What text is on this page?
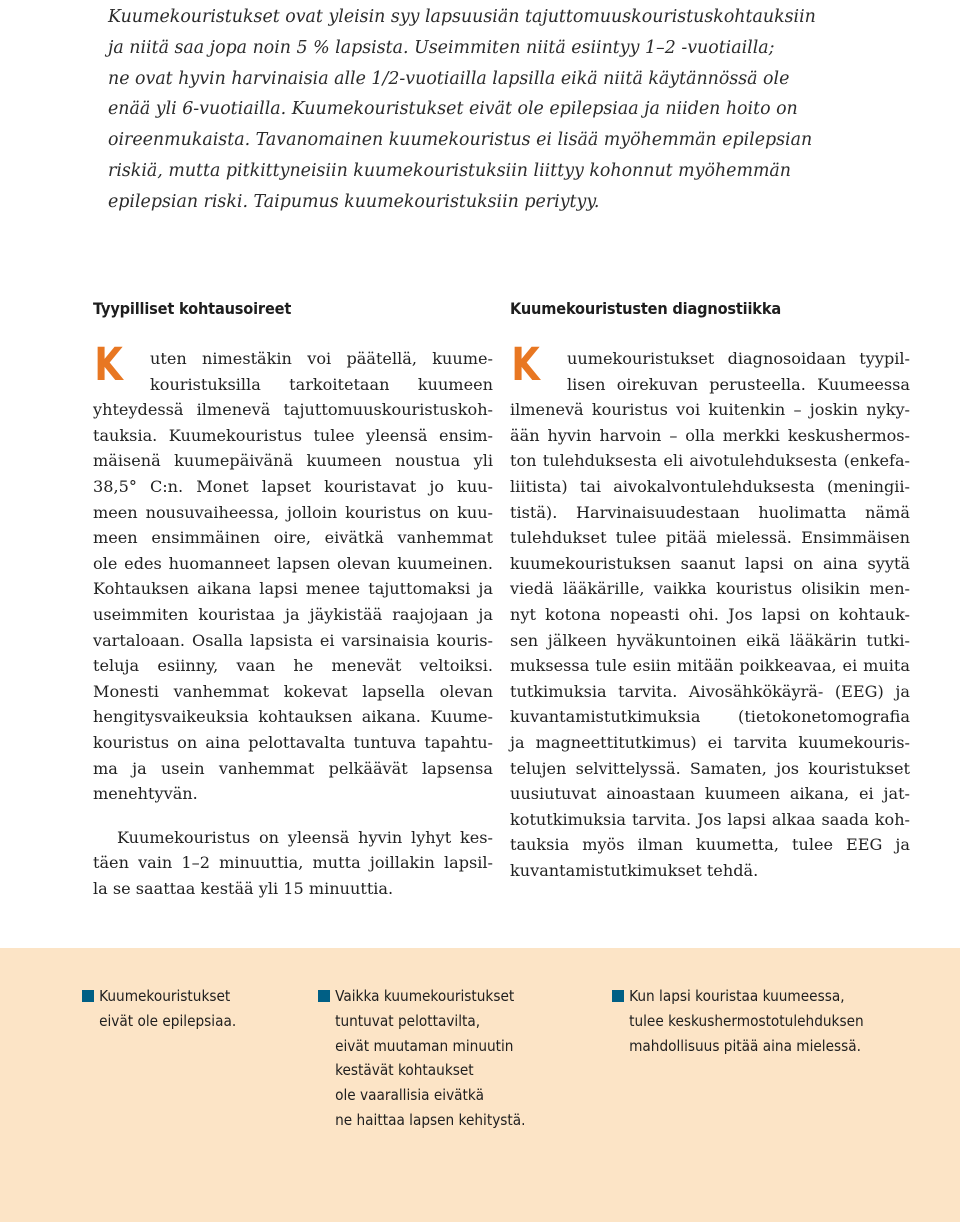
Kuumekouristukset ovat yleisin syy lapsuusiän tajuttomuuskouristuskohtauksiin
ja niitä saa jopa noin 5 % lapsista. Useimmiten niitä esiintyy 1–2 -vuotiailla;
ne ovat hyvin harvinaisia alle 1/2-vuotiailla lapsilla eikä niitä käytännössä ole
enää yli 6-vuotiailla. Kuumekouristukset eivät ole epilepsiaa ja niiden hoito on
oireenmukaista. Tavanomainen kuumekouristus ei lisää myöhemmän epilepsian
riskiä, mutta pitkittyneisiin kuumekouristuksiin liittyy kohonnut myöhemmän
epilepsian riski. Taipumus kuumekouristuksiin periytyy.
Tyypilliset kohtausoireet
K	uten nimestäkin voi päätellä, kuume-
kouristuksilla tarkoitetaan kuumeen
yhteydessä ilmenevä tajuttomuuskouristuskoh-
tauksia. Kuumekouristus tulee yleensä ensim-
mäisenä kuumepäivänä kuumeen noustua yli
38,5° C:n. Monet lapset kouristavat jo kuu-
meen nousuvaiheessa, jolloin kouristus on kuu-
meen ensimmäinen oire, eivätkä vanhemmat
ole edes huomanneet lapsen olevan kuumeinen.
Kohtauksen aikana lapsi menee tajuttomaksi ja
useimmiten kouristaa ja jäykistää raajojaan ja
vartaloaan. Osalla lapsista ei varsinaisia kouris-
teluja esiinny, vaan he menevät veltoiksi.
Monesti vanhemmat kokevat lapsella olevan
hengitysvaikeuksia kohtauksen aikana. Kuume-
kouristus on aina pelottavalta tuntuva tapahtu-
ma ja usein vanhemmat pelkäävät lapsensa
menehtyvän.
Kuumekouristus on yleensä hyvin lyhyt kes-
täen vain 1–2 minuuttia, mutta joillakin lapsil-
la se saattaa kestää yli 15 minuuttia.
Kuumekouristusten diagnostiikka
K	uumekouristukset diagnosoidaan tyypil-
lisen oirekuvan perusteella. Kuumeessa
ilmenevä kouristus voi kuitenkin – joskin nyky-
ään hyvin harvoin – olla merkki keskushermos-
ton tulehduksesta eli aivotulehduksesta (enkefa-
liitista) tai aivokalvontulehduksesta (meningii-
tistä). Harvinaisuudestaan huolimatta nämä
tulehdukset tulee pitää mielessä. Ensimmäisen
kuumekouristuksen saanut lapsi on aina syytä
viedä lääkärille, vaikka kouristus olisikin men-
nyt kotona nopeasti ohi. Jos lapsi on kohtauk-
sen jälkeen hyväkuntoinen eikä lääkärin tutki-
muksessa tule esiin mitään poikkeavaa, ei muita
tutkimuksia tarvita. Aivosähkökäyrä- (EEG) ja
kuvantamistutkimuksia (tietokonetomografia
ja magneettitutkimus) ei tarvita kuumekouris-
telujen selvittelyssä. Samaten, jos kouristukset
uusiutuvat ainoastaan kuumeen aikana, ei jat-
kotutkimuksia tarvita. Jos lapsi alkaa saada koh-
tauksia myös ilman kuumetta, tulee EEG ja
kuvantamistutkimukset tehdä.
Kuumekouristukset
eivät ole epilepsiaa.
Vaikka kuumekouristukset
tuntuvat pelottavilta,
eivät muutaman minuutin
kestävät kohtaukset
ole vaarallisia eivätkä
ne haittaa lapsen kehitystä.
Kun lapsi kouristaa kuumeessa,
tulee keskushermostotulehduksen
mahdollisuus pitää aina mielessä.
